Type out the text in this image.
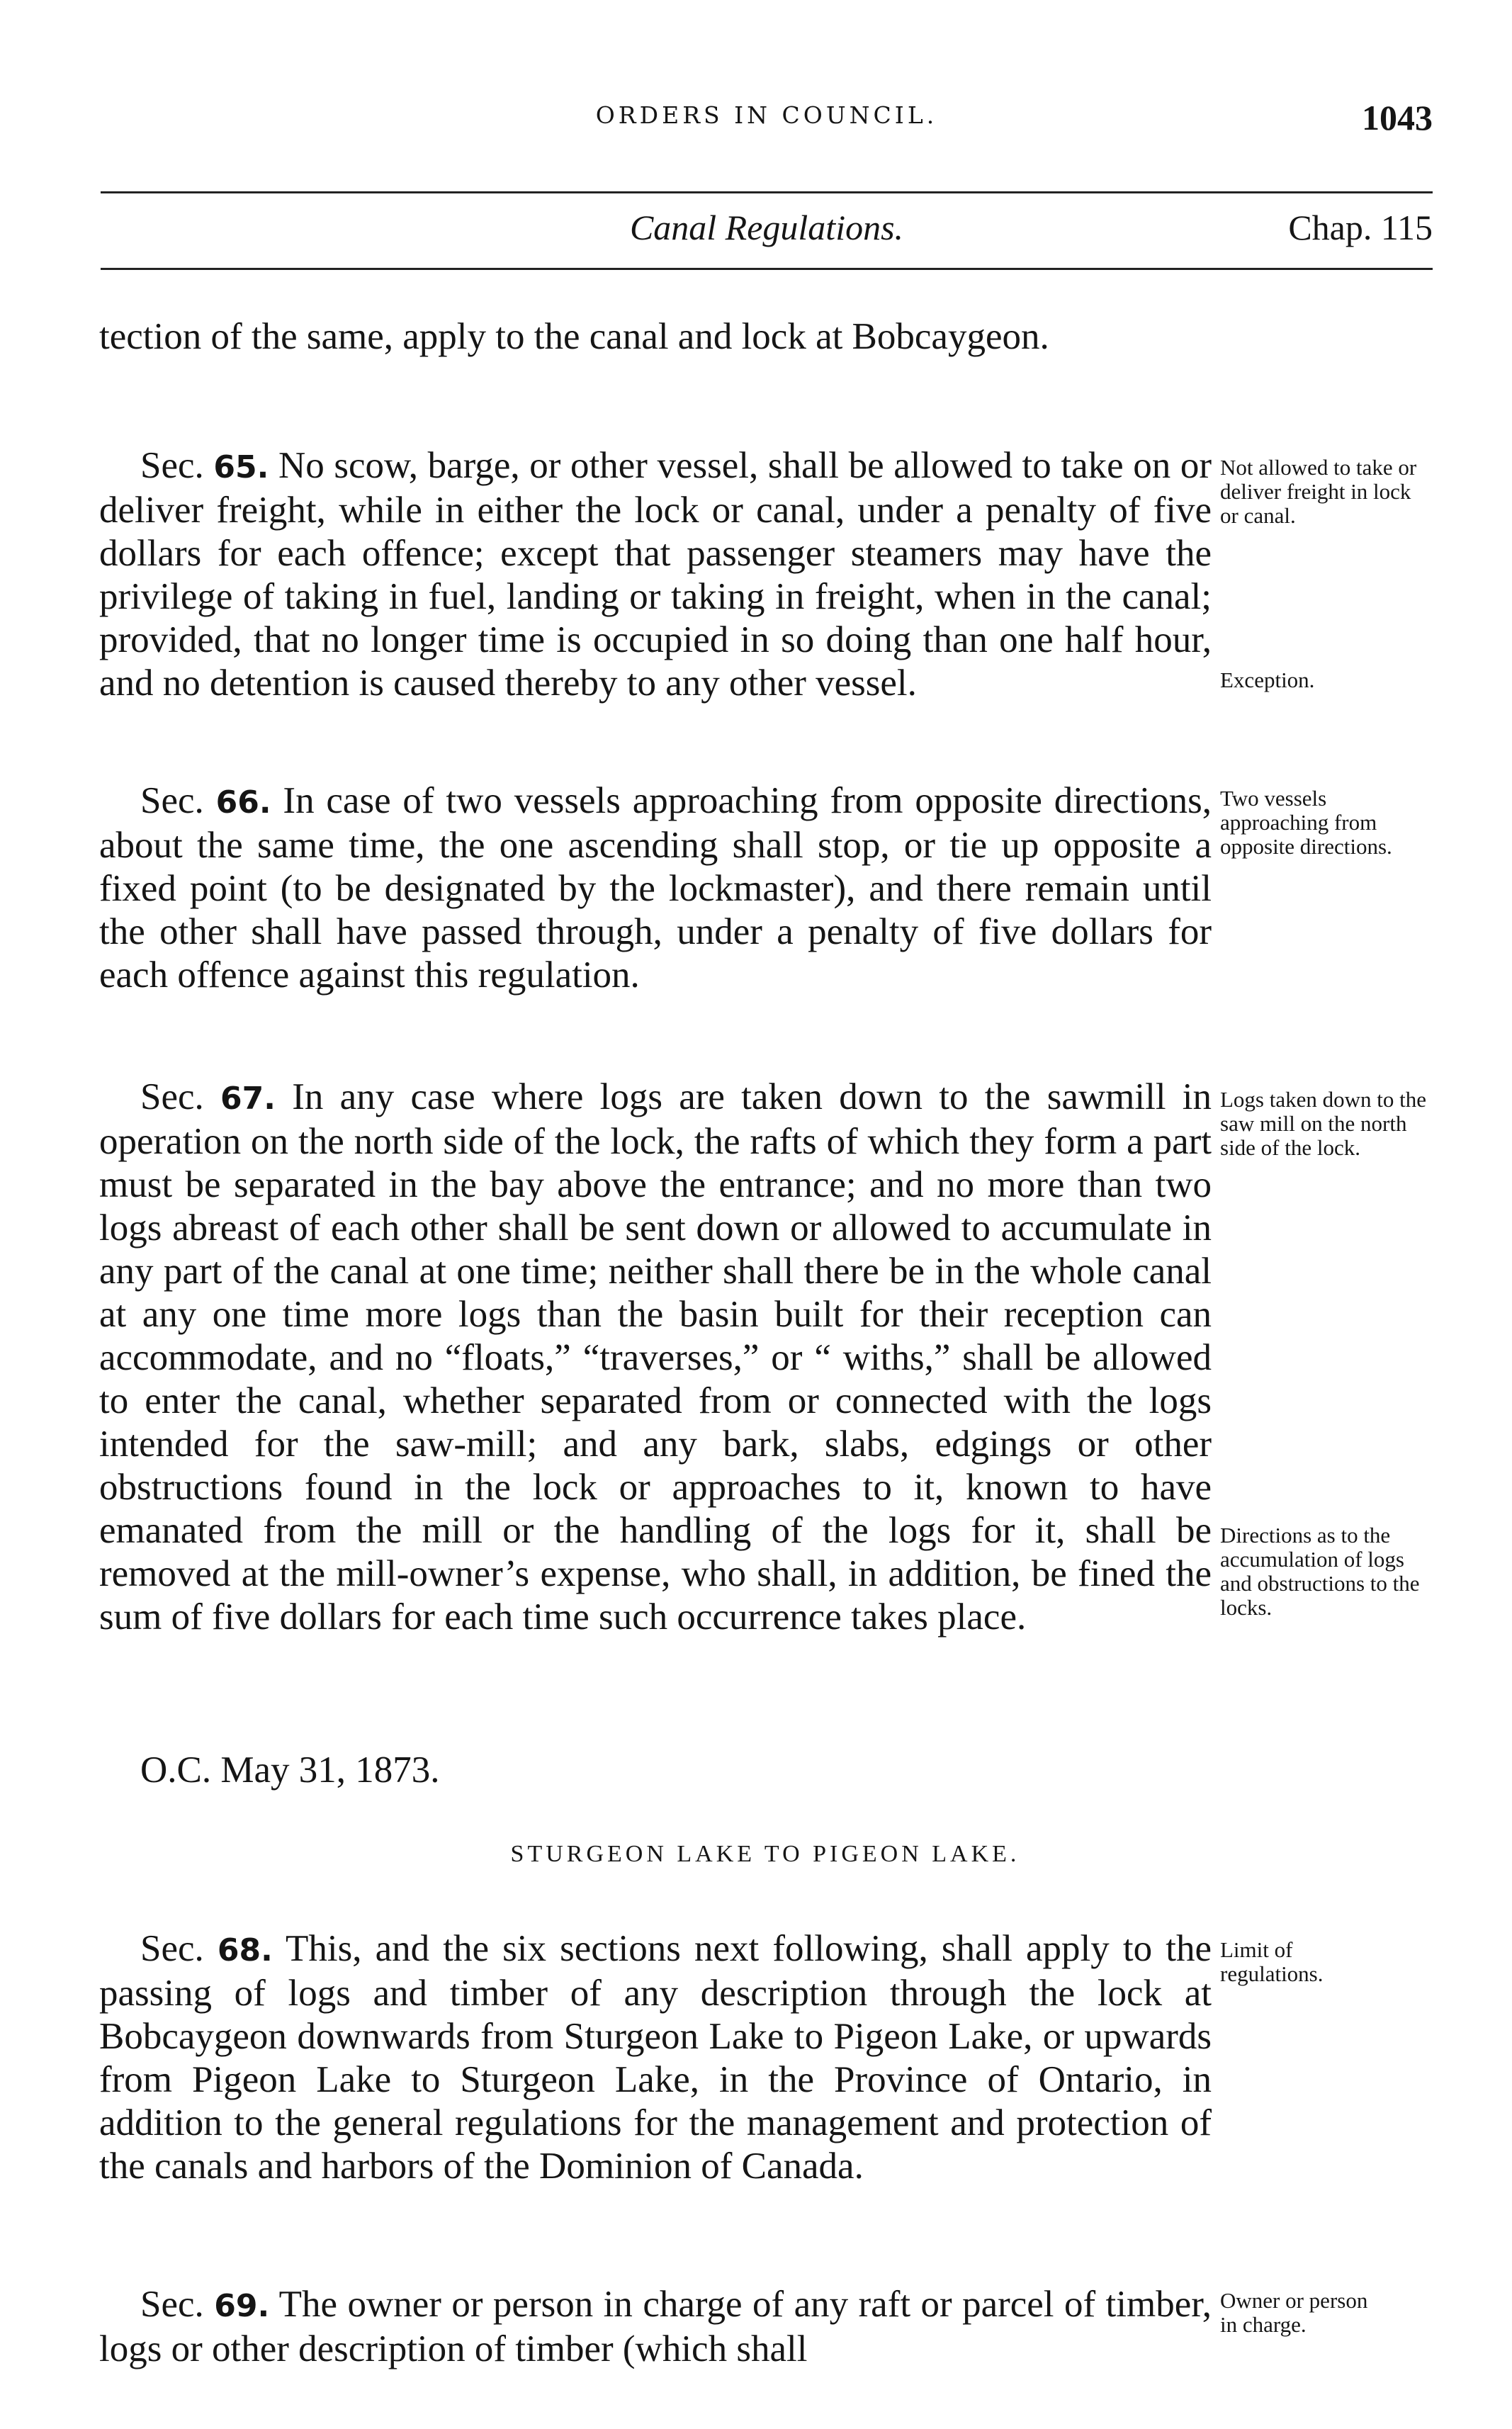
ORDERS IN COUNCIL.	1043
Canal Regulations.	Chap. 115
tection of the same, apply to the canal and lock at Bobcaygeon.
Sec. 65. No scow, barge, or other vessel, shall be allowed to take on or deliver freight, while in either the lock or canal, under a penalty of five dollars for each offence; except that passenger steamers may have the privilege of taking in fuel, landing or taking in freight, when in the canal; provided, that no longer time is occupied in so doing than one half hour, and no detention is caused thereby to any other vessel.
Not allowed to take or deliver freight in lock or canal.
Exception.
Sec. 66. In case of two vessels approaching from opposite directions, about the same time, the one ascending shall stop, or tie up opposite a fixed point (to be designated by the lockmaster), and there remain until the other shall have passed through, under a penalty of five dollars for each offence against this regulation.
Two vessels approaching from opposite directions.
Sec. 67. In any case where logs are taken down to the sawmill in operation on the north side of the lock, the rafts of which they form a part must be separated in the bay above the entrance; and no more than two logs abreast of each other shall be sent down or allowed to accumulate in any part of the canal at one time; neither shall there be in the whole canal at any one time more logs than the basin built for their reception can accommodate, and no “floats,” “traverses,” or “ withs,” shall be allowed to enter the canal, whether separated from or connected with the logs intended for the saw-mill; and any bark, slabs, edgings or other obstructions found in the lock or approaches to it, known to have emanated from the mill or the handling of the logs for it, shall be removed at the mill-owner’s expense, who shall, in addition, be fined the sum of five dollars for each time such occurrence takes place.
Logs taken down to the saw mill on the north side of the lock.
Directions as to the accumulation of logs and obstructions to the locks.
O.C. May 31, 1873.
STURGEON LAKE TO PIGEON LAKE.
Sec. 68. This, and the six sections next following, shall apply to the passing of logs and timber of any description through the lock at Bobcaygeon downwards from Sturgeon Lake to Pigeon Lake, or upwards from Pigeon Lake to Sturgeon Lake, in the Province of Ontario, in addition to the general regulations for the management and protection of the canals and harbors of the Dominion of Canada.
Limit of regulations.
Sec. 69. The owner or person in charge of any raft or parcel of timber, logs or other description of timber (which shall
Owner or person in charge.
